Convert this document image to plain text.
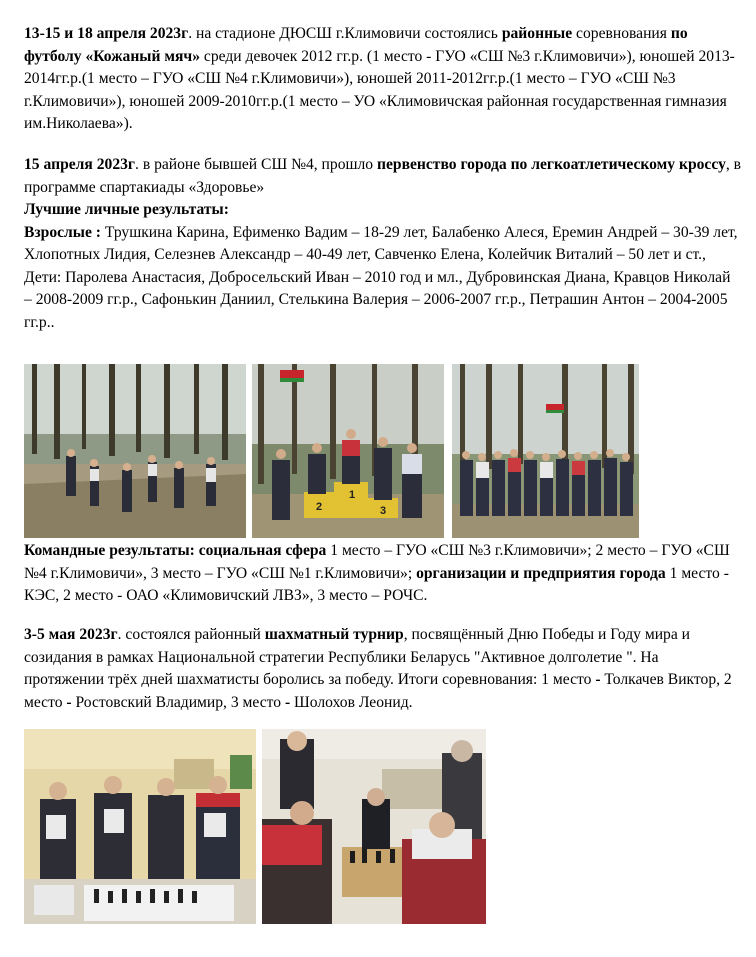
13-15 и 18 апреля 2023г. на стадионе ДЮСШ г.Климовичи состоялись районные соревнования по футболу «Кожаный мяч» среди девочек 2012 гг.р. (1 место - ГУО «СШ №3 г.Климовичи»), юношей 2013-2014гг.р.(1 место – ГУО «СШ №4 г.Климовичи»), юношей 2011-2012гг.р.(1 место – ГУО «СШ №3 г.Климовичи»), юношей 2009-2010гг.р.(1 место – УО «Климовичская районная государственная гимназия им.Николаева»).

15 апреля 2023г. в районе бывшей СШ №4, прошло первенство города по легкоатлетическому кроссу, в программе спартакиады «Здоровье»

Лучшие личные результаты:

Взрослые : Трушкина Карина, Ефименко Вадим – 18-29 лет, Балабенко Алеся, Еремин Андрей – 30-39 лет, Хлопотных Лидия, Селезнев Александр – 40-49 лет, Савченко Елена, Колейчик Виталий – 50 лет и ст.,

Дети: Паролева Анастасия, Добросельский Иван – 2010 год и мл., Дубровинская Диана, Кравцов Николай – 2008-2009 гг.р., Сафонькин Даниил, Стелькина Валерия – 2006-2007 гг.р., Петрашин Антон – 2004-2005 гг.р..

2
1
3

Командные результаты: социальная сфера 1 место – ГУО «СШ №3 г.Климовичи»; 2 место – ГУО «СШ №4 г.Климовичи», 3 место – ГУО «СШ №1 г.Климовичи»; организации и предприятия города 1 место - КЭС, 2 место - ОАО «Климовичский ЛВЗ», 3 место – РОЧС.

3-5 мая 2023г. состоялся районный шахматный турнир, посвящённый Дню Победы и Году мира и созидания в рамках Национальной стратегии Республики Беларусь "Активное долголетие ". На протяжении трёх дней шахматисты боролись за победу. Итоги соревнования: 1 место - Толкачев Виктор, 2 место - Ростовский Владимир, 3 место - Шолохов Леонид.
